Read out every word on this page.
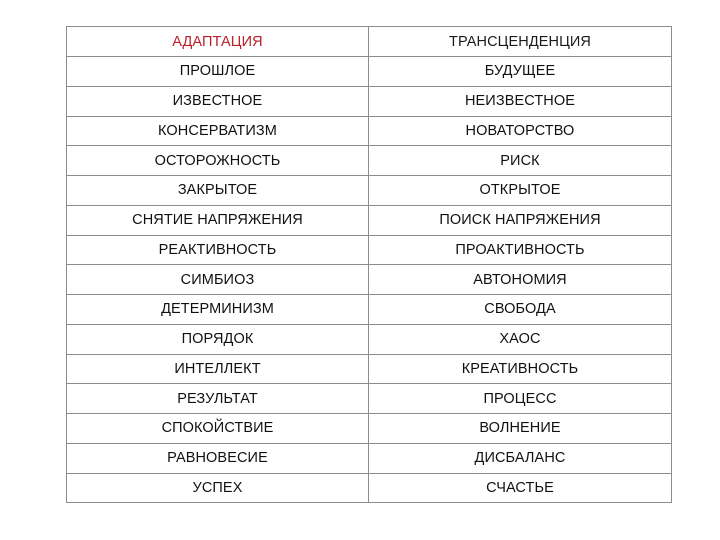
АДАПТАЦИЯ	ТРАНСЦЕНДЕНЦИЯ
ПРОШЛОЕ	БУДУЩЕЕ
ИЗВЕСТНОЕ	НЕИЗВЕСТНОЕ
КОНСЕРВАТИЗМ	НОВАТОРСТВО
ОСТОРОЖНОСТЬ	РИСК
ЗАКРЫТОЕ	ОТКРЫТОЕ
СНЯТИЕ НАПРЯЖЕНИЯ	ПОИСК НАПРЯЖЕНИЯ
РЕАКТИВНОСТЬ	ПРОАКТИВНОСТЬ
СИМБИОЗ	АВТОНОМИЯ
ДЕТЕРМИНИЗМ	СВОБОДА
ПОРЯДОК	ХАОС
ИНТЕЛЛЕКТ	КРЕАТИВНОСТЬ
РЕЗУЛЬТАТ	ПРОЦЕСС
СПОКОЙСТВИЕ	ВОЛНЕНИЕ
РАВНОВЕСИЕ	ДИСБАЛАНС
УСПЕХ	СЧАСТЬЕ
